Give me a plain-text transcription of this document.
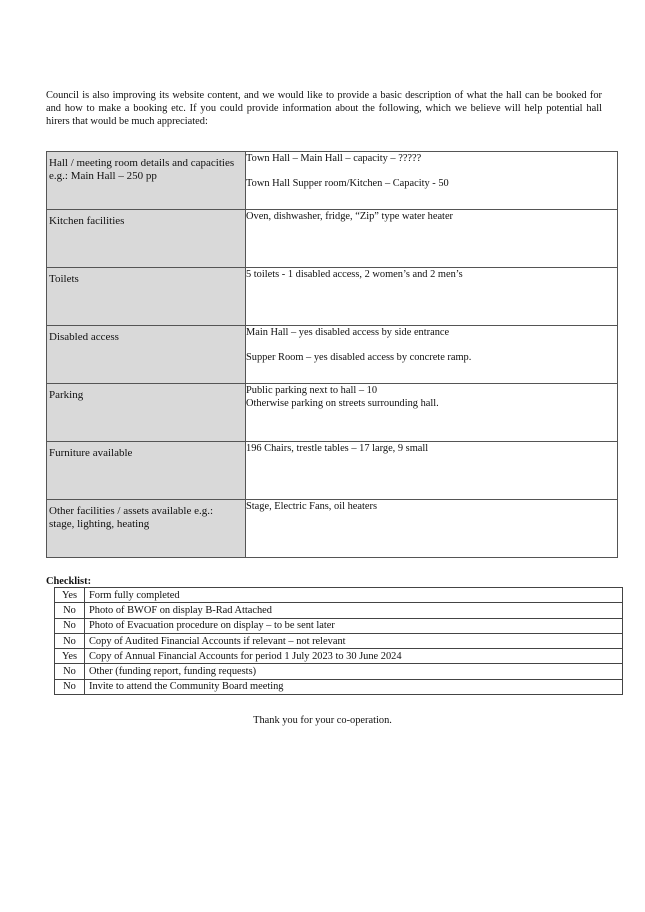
Council is also improving its website content, and we would like to provide a basic description of what the hall can be booked for and how to make a booking etc. If you could provide information about the following, which we believe will help potential hall hirers that would be much appreciated:

Hall / meeting room details and capacities e.g.: Main Hall – 250 pp	Town Hall – Main Hall – capacity – ?????

Town Hall Supper room/Kitchen – Capacity - 50

Kitchen facilities	Oven, dishwasher, fridge, “Zip” type water heater

Toilets	5 toilets - 1 disabled access, 2 women’s and 2 men’s

Disabled access	Main Hall – yes disabled access by side entrance

Supper Room – yes disabled access by concrete ramp.

Parking	Public parking next to hall – 10
Otherwise parking on streets surrounding hall.

Furniture available	196 Chairs, trestle tables – 17 large, 9 small

Other facilities / assets available e.g.: stage, lighting, heating	Stage, Electric Fans, oil heaters

Checklist:

Yes	Form fully completed
No	Photo of BWOF on display B-Rad Attached
No	Photo of Evacuation procedure on display – to be sent later
No	Copy of Audited Financial Accounts if relevant – not relevant
Yes	Copy of Annual Financial Accounts for period 1 July 2023 to 30 June 2024
No	Other (funding report, funding requests)
No	Invite to attend the Community Board meeting

Thank you for your co-operation.
